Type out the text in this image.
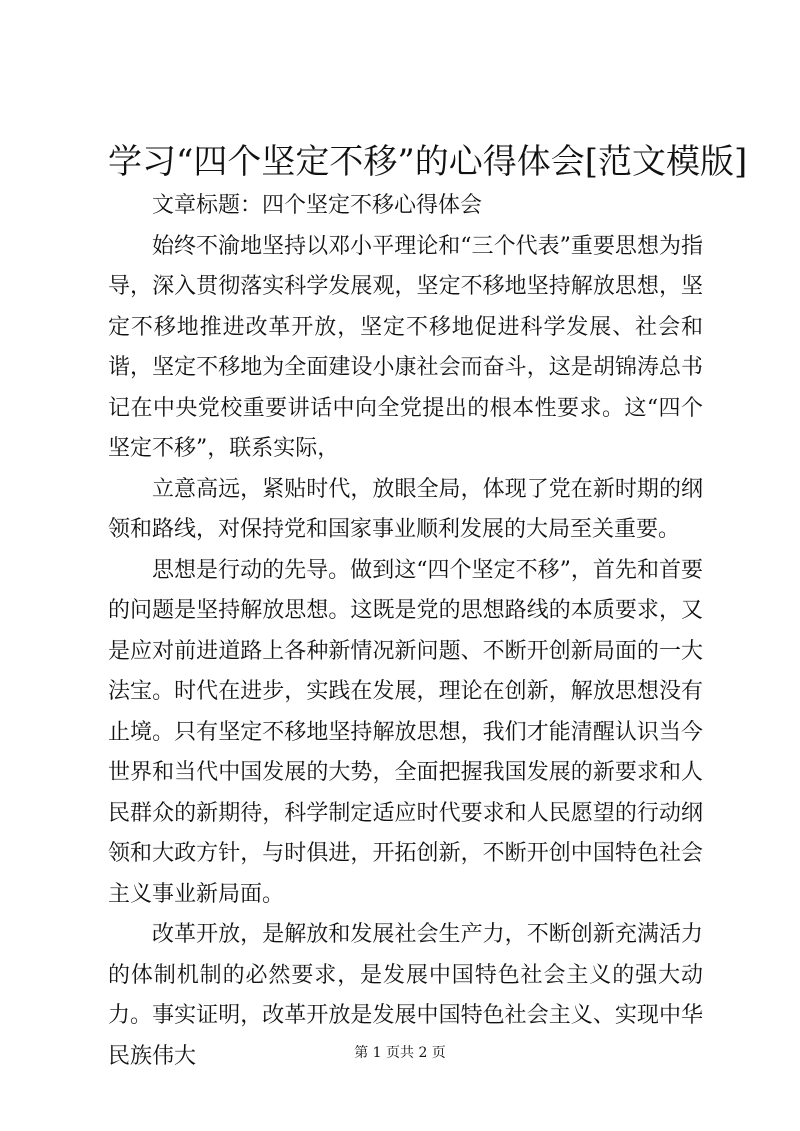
学习“四个坚定不移”的心得体会[范文模版]

文章标题：四个坚定不移心得体会

始终不渝地坚持以邓小平理论和“三个代表”重要思想为指导，深入贯彻落实科学发展观，坚定不移地坚持解放思想，坚定不移地推进改革开放，坚定不移地促进科学发展、社会和谐，坚定不移地为全面建设小康社会而奋斗，这是胡锦涛总书记在中央党校重要讲话中向全党提出的根本性要求。这“四个坚定不移”，联系实际，

立意高远，紧贴时代，放眼全局，体现了党在新时期的纲领和路线，对保持党和国家事业顺利发展的大局至关重要。

思想是行动的先导。做到这“四个坚定不移”，首先和首要的问题是坚持解放思想。这既是党的思想路线的本质要求，又是应对前进道路上各种新情况新问题、不断开创新局面的一大法宝。时代在进步，实践在发展，理论在创新，解放思想没有止境。只有坚定不移地坚持解放思想，我们才能清醒认识当今世界和当代中国发展的大势，全面把握我国发展的新要求和人民群众的新期待，科学制定适应时代要求和人民愿望的行动纲领和大政方针，与时俱进，开拓创新，不断开创中国特色社会主义事业新局面。

改革开放，是解放和发展社会生产力，不断创新充满活力的体制机制的必然要求，是发展中国特色社会主义的强大动力。事实证明，改革开放是发展中国特色社会主义、实现中华民族伟大	第 1 页共 2 页
